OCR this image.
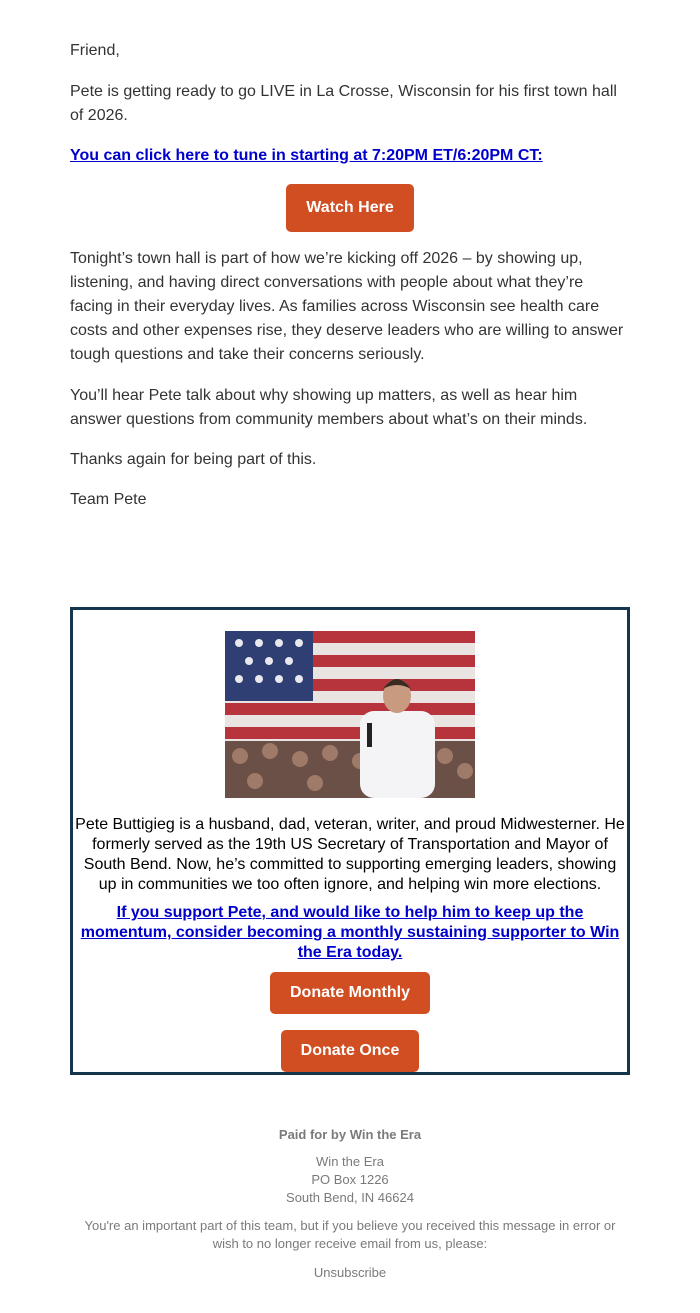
Friend,

Pete is getting ready to go LIVE in La Crosse, Wisconsin for his first town hall of 2026.

You can click here to tune in starting at 7:20PM ET/6:20PM CT:
Watch Here

Tonight’s town hall is part of how we’re kicking off 2026 – by showing up, listening, and having direct conversations with people about what they’re facing in their everyday lives. As families across Wisconsin see health care costs and other expenses rise, they deserve leaders who are willing to answer tough questions and take their concerns seriously.

You’ll hear Pete talk about why showing up matters, as well as hear him answer questions from community members about what’s on their minds.

Thanks again for being part of this.

Team Pete

Pete Buttigieg is a husband, dad, veteran, writer, and proud Midwesterner. He formerly served as the 19th US Secretary of Transportation and Mayor of South Bend. Now, he’s committed to supporting emerging leaders, showing up in communities we too often ignore, and helping win more elections.

If you support Pete, and would like to help him to keep up the momentum, consider becoming a monthly sustaining supporter to Win the Era today.
Donate Monthly
Donate Once
Paid for by Win the Era
Win the Era
PO Box 1226
South Bend, IN 46624
You're an important part of this team, but if you believe you received this message in error or wish to no longer receive email from us, please:
Unsubscribe
